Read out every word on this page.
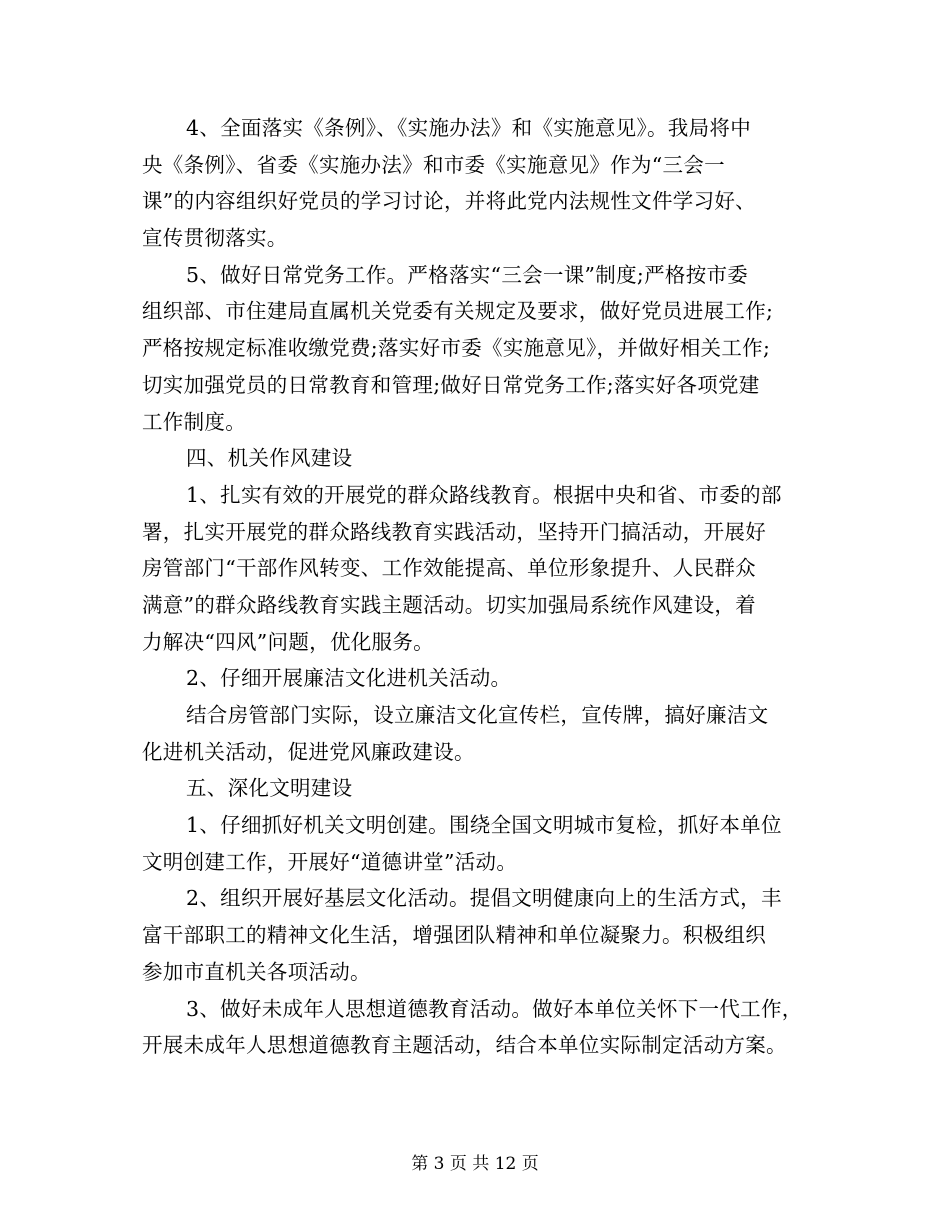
4、全面落实《条例》、《实施办法》和《实施意见》。我局将中
央《条例》、省委《实施办法》和市委《实施意见》作为“三会一
课”的内容组织好党员的学习讨论，并将此党内法规性文件学习好、
宣传贯彻落实。
5、做好日常党务工作。严格落实“三会一课”制度;严格按市委
组织部、市住建局直属机关党委有关规定及要求，做好党员进展工作;
严格按规定标准收缴党费;落实好市委《实施意见》，并做好相关工作;
切实加强党员的日常教育和管理;做好日常党务工作;落实好各项党建
工作制度。
四、机关作风建设
1、扎实有效的开展党的群众路线教育。根据中央和省、市委的部
署，扎实开展党的群众路线教育实践活动，坚持开门搞活动，开展好
房管部门“干部作风转变、工作效能提高、单位形象提升、人民群众
满意”的群众路线教育实践主题活动。切实加强局系统作风建设，着
力解决“四风”问题，优化服务。
2、仔细开展廉洁文化进机关活动。
结合房管部门实际，设立廉洁文化宣传栏，宣传牌，搞好廉洁文
化进机关活动，促进党风廉政建设。
五、深化文明建设
1、仔细抓好机关文明创建。围绕全国文明城市复检，抓好本单位
文明创建工作，开展好“道德讲堂”活动。
2、组织开展好基层文化活动。提倡文明健康向上的生活方式，丰
富干部职工的精神文化生活，增强团队精神和单位凝聚力。积极组织
参加市直机关各项活动。
3、做好未成年人思想道德教育活动。做好本单位关怀下一代工作，
开展未成年人思想道德教育主题活动，结合本单位实际制定活动方案。
第 3 页 共 12 页
